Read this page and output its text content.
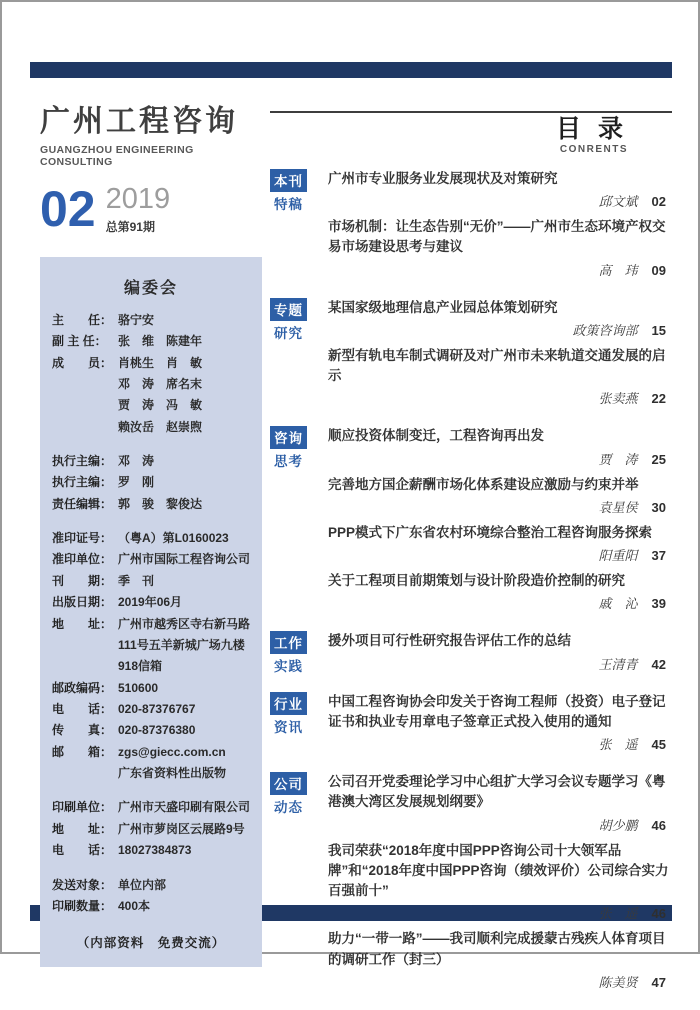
广州工程咨询
GUANGZHOU ENGINEERING CONSULTING
02 2019
总第91期
编委会
主　　任： 骆宁安
副 主 任： 张　维　陈建年
成　　员： 肖桃生　肖　敏
邓　涛　席名末
贾　涛　冯　敏
赖汝岳　赵崇煦
执行主编： 邓　涛
执行主编： 罗　刚
责任编辑： 郭　骏　黎俊达
准印证号： （粤A）第L0160023
准印单位： 广州市国际工程咨询公司
刊　　期： 季　刊
出版日期： 2019年06月
地　　址： 广州市越秀区寺右新马路111号五羊新城广场九楼918信箱
邮政编码： 510600
电　　话： 020-87376767
传　　真： 020-87376380
邮　　箱： zgs@giecc.com.cn
广东省资料性出版物
印刷单位： 广州市天盛印刷有限公司
地　　址： 广州市萝岗区云展路9号
电　　话： 18027384873
发送对象： 单位内部
印刷数量： 400本
（内部资料　免费交流）
目 录
CONRENTS
本刊
特稿
广州市专业服务业发展现状及对策研究
邱文斌 02
市场机制：让生态告别“无价”——广州市生态环境产权交易市场建设思考与建议
高　玮 09
专题
研究
某国家级地理信息产业园总体策划研究
政策咨询部 15
新型有轨电车制式调研及对广州市未来轨道交通发展的启示
张卖燕 22
咨询
思考
顺应投资体制变迁，工程咨询再出发
贾　涛 25
完善地方国企薪酬市场化体系建设应激励与约束并举
袁星侯 30
PPP模式下广东省农村环境综合整治工程咨询服务探索
阳重阳 37
关于工程项目前期策划与设计阶段造价控制的研究
戚　沁 39
工作
实践
援外项目可行性研究报告评估工作的总结
王清青 42
行业
资讯
中国工程咨询协会印发关于咨询工程师（投资）电子登记证书和执业专用章电子签章正式投入使用的通知
张　遥 45
公司
动态
公司召开党委理论学习中心组扩大学习会议专题学习《粤港澳大湾区发展规划纲要》
胡少鹏 46
我司荣获“2018年度中国PPP咨询公司十大领军品牌”和“2018年度中国PPP咨询（绩效评价）公司综合实力百强前十”
张　遥 46
助力“一带一路”——我司顺利完成援蒙古残疾人体育项目的调研工作（封三）
陈美贤 47
